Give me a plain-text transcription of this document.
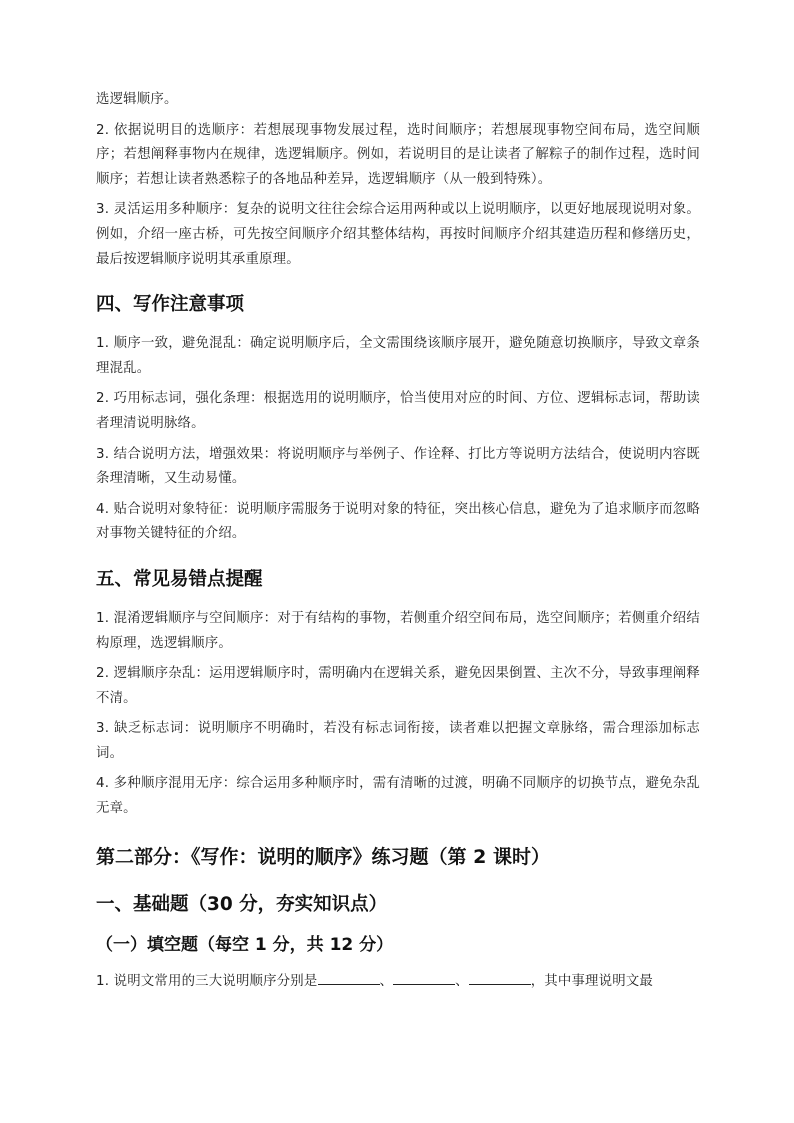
选逻辑顺序。

2. 依据说明目的选顺序：若想展现事物发展过程，选时间顺序；若想展现事物空间布局，选空间顺序；若想阐释事物内在规律，选逻辑顺序。例如，若说明目的是让读者了解粽子的制作过程，选时间顺序；若想让读者熟悉粽子的各地品种差异，选逻辑顺序（从一般到特殊）。

3. 灵活运用多种顺序：复杂的说明文往往会综合运用两种或以上说明顺序，以更好地展现说明对象。例如，介绍一座古桥，可先按空间顺序介绍其整体结构，再按时间顺序介绍其建造历程和修缮历史，最后按逻辑顺序说明其承重原理。

四、写作注意事项

1. 顺序一致，避免混乱：确定说明顺序后，全文需围绕该顺序展开，避免随意切换顺序，导致文章条理混乱。

2. 巧用标志词，强化条理：根据选用的说明顺序，恰当使用对应的时间、方位、逻辑标志词，帮助读者理清说明脉络。

3. 结合说明方法，增强效果：将说明顺序与举例子、作诠释、打比方等说明方法结合，使说明内容既条理清晰，又生动易懂。

4. 贴合说明对象特征：说明顺序需服务于说明对象的特征，突出核心信息，避免为了追求顺序而忽略对事物关键特征的介绍。

五、常见易错点提醒

1. 混淆逻辑顺序与空间顺序：对于有结构的事物，若侧重介绍空间布局，选空间顺序；若侧重介绍结构原理，选逻辑顺序。

2. 逻辑顺序杂乱：运用逻辑顺序时，需明确内在逻辑关系，避免因果倒置、主次不分，导致事理阐释不清。

3. 缺乏标志词：说明顺序不明确时，若没有标志词衔接，读者难以把握文章脉络，需合理添加标志词。

4. 多种顺序混用无序：综合运用多种顺序时，需有清晰的过渡，明确不同顺序的切换节点，避免杂乱无章。

第二部分：《写作：说明的顺序》练习题（第 2 课时）
一、基础题（30 分，夯实知识点）
（一）填空题（每空 1 分，共 12 分）

1. 说明文常用的三大说明顺序分别是	、	、	，其中事理说明文最
